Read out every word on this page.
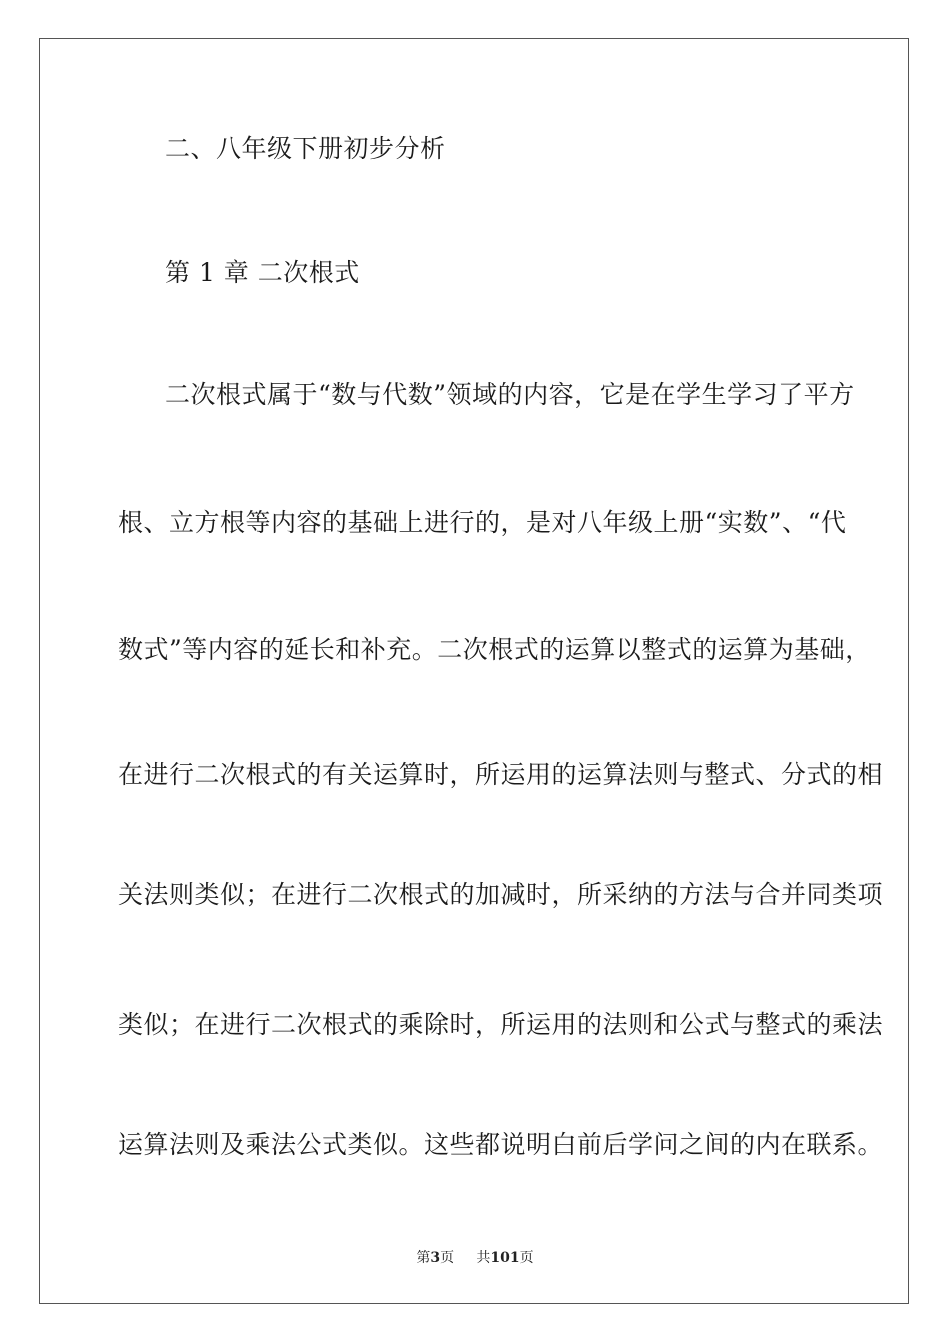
二、八年级下册初步分析
第 1 章 二次根式
二次根式属于“数与代数”领域的内容，它是在学生学习了平方
根、立方根等内容的基础上进行的，是对八年级上册“实数”、“代
数式”等内容的延长和补充。二次根式的运算以整式的运算为基础，
在进行二次根式的有关运算时，所运用的运算法则与整式、分式的相
关法则类似；在进行二次根式的加减时，所采纳的方法与合并同类项
类似；在进行二次根式的乘除时，所运用的法则和公式与整式的乘法
运算法则及乘法公式类似。这些都说明白前后学问之间的内在联系。
第3页 共101页
